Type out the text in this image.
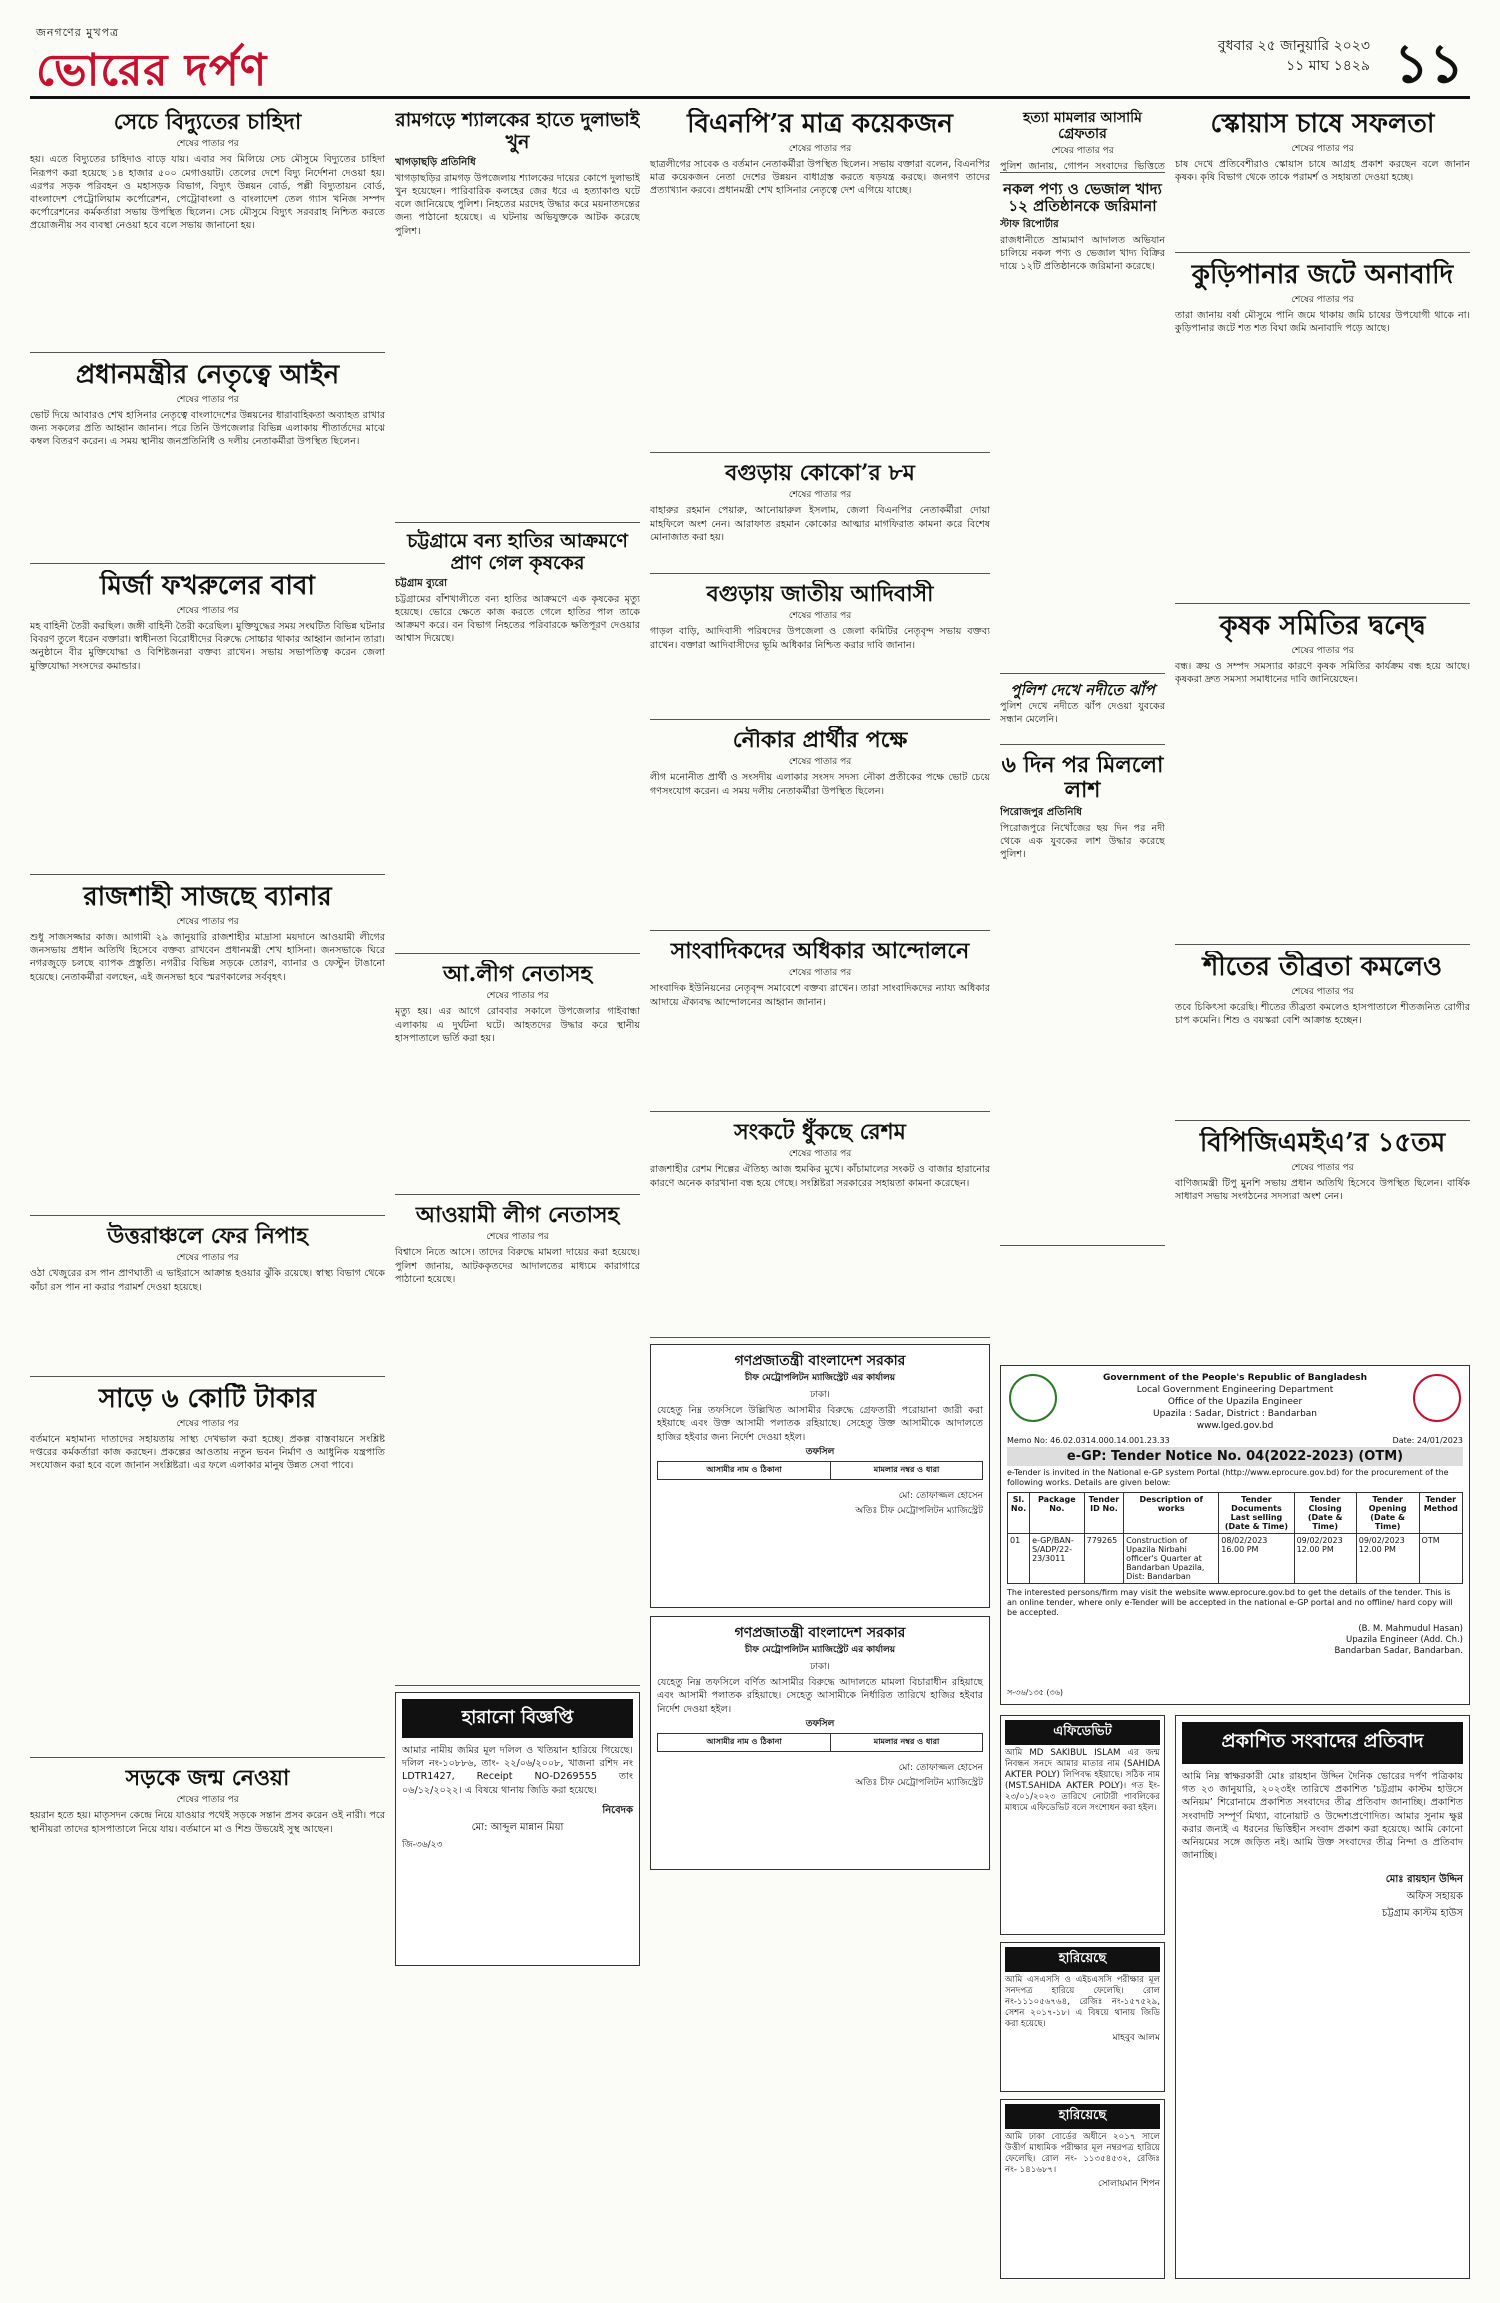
জনগণের মুখপত্র
ভোরের দর্পণ	বুধবার ২৫ জানুয়ারি ২০২৩
১১ মাঘ ১৪২৯ ১১
সেচে বিদ্যুতের চাহিদা
শেষের পাতার পর

হয়। এতে বিদ্যুতের চাহিদাও বাড়ে যায়। এবার সব মিলিয়ে সেচ মৌসুমে বিদ্যুতের চাহিদা নিরূপণ করা হয়েছে ১৪ হাজার ৫০০ মেগাওয়াট। তেলের দেশে বিদ্যু নির্দেশনা দেওয়া হয়। এরপর সড়ক পরিবহন ও মহাসড়ক বিভাগ, বিদ্যুৎ উন্নয়ন বোর্ড, পল্লী বিদ্যুতায়ন বোর্ড, বাংলাদেশ পেট্রোলিয়াম কর্পোরেশন, পেট্রোবাংলা ও বাংলাদেশ তেল গ্যাস খনিজ সম্পদ কর্পোরেশনের কর্মকর্তারা সভায় উপস্থিত ছিলেন। সেচ মৌসুমে বিদ্যুৎ সরবরাহ নিশ্চিত করতে প্রয়োজনীয় সব ব্যবস্থা নেওয়া হবে বলে সভায় জানানো হয়।

প্রধানমন্ত্রীর নেতৃত্বে আইন
শেষের পাতার পর

ভোট দিয়ে আবারও শেখ হাসিনার নেতৃত্বে বাংলাদেশের উন্নয়নের ধারাবাহিকতা অব্যাহত রাখার জন্য সকলের প্রতি আহ্বান জানান। পরে তিনি উপজেলার বিভিন্ন এলাকায় শীতার্তদের মাঝে কম্বল বিতরণ করেন। এ সময় স্থানীয় জনপ্রতিনিধি ও দলীয় নেতাকর্মীরা উপস্থিত ছিলেন।

মির্জা ফখরুলের বাবা
শেষের পাতার পর

মহ বাহিনী তৈরী করছিল। জঙ্গী বাহিনী তৈরী করেছিল। মুক্তিযুদ্ধের সময় সংঘটিত বিভিন্ন ঘটনার বিবরণ তুলে ধরেন বক্তারা। স্বাধীনতা বিরোধীদের বিরুদ্ধে সোচ্চার থাকার আহ্বান জানান তারা। অনুষ্ঠানে বীর মুক্তিযোদ্ধা ও বিশিষ্টজনরা বক্তব্য রাখেন। সভায় সভাপতিত্ব করেন জেলা মুক্তিযোদ্ধা সংসদের কমান্ডার।

রাজশাহী সাজছে ব্যানার
শেষের পাতার পর

শুধু সাজসজ্জার কাজ। আগামী ২৯ জানুয়ারি রাজশাহীর মাদ্রাসা ময়দানে আওয়ামী লীগের জনসভায় প্রধান অতিথি হিসেবে বক্তব্য রাখবেন প্রধানমন্ত্রী শেখ হাসিনা। জনসভাকে ঘিরে নগরজুড়ে চলছে ব্যাপক প্রস্তুতি। নগরীর বিভিন্ন সড়কে তোরণ, ব্যানার ও ফেস্টুন টাঙানো হয়েছে। নেতাকর্মীরা বলছেন, এই জনসভা হবে স্মরণকালের সর্ববৃহৎ।

উত্তরাঞ্চলে ফের নিপাহ
শেষের পাতার পর

ওঠা খেজুরের রস পান প্রাণঘাতী এ ভাইরাসে আক্রান্ত হওয়ার ঝুঁকি রয়েছে। স্বাস্থ্য বিভাগ থেকে কাঁচা রস পান না করার পরামর্শ দেওয়া হয়েছে।

সাড়ে ৬ কোটি টাকার
শেষের পাতার পর

বর্তমানে মহামান্য দাতাদের সহায়তায় সাস্থ্য দেখভাল করা হচ্ছে। প্রকল্প বাস্তবায়নে সংশ্লিষ্ট দপ্তরের কর্মকর্তারা কাজ করছেন। প্রকল্পের আওতায় নতুন ভবন নির্মাণ ও আধুনিক যন্ত্রপাতি সংযোজন করা হবে বলে জানান সংশ্লিষ্টরা। এর ফলে এলাকার মানুষ উন্নত সেবা পাবে।

সড়কে জন্ম নেওয়া
শেষের পাতার পর

হয়রান হতে হয়। মাতৃসদন কেন্দ্রে নিয়ে যাওয়ার পথেই সড়কে সন্তান প্রসব করেন ওই নারী। পরে স্থানীয়রা তাদের হাসপাতালে নিয়ে যায়। বর্তমানে মা ও শিশু উভয়েই সুস্থ আছেন।

রামগড়ে শ্যালকের হাতে দুলাভাই খুন
খাগড়াছড়ি প্রতিনিধি

খাগড়াছড়ির রামগড় উপজেলায় শ্যালকের দায়ের কোপে দুলাভাই খুন হয়েছেন। পারিবারিক কলহের জের ধরে এ হত্যাকাণ্ড ঘটে বলে জানিয়েছে পুলিশ। নিহতের মরদেহ উদ্ধার করে ময়নাতদন্তের জন্য পাঠানো হয়েছে। এ ঘটনায় অভিযুক্তকে আটক করেছে পুলিশ।

চট্টগ্রামে বন্য হাতির আক্রমণে প্রাণ গেল কৃষকের
চট্টগ্রাম ব্যুরো

চট্টগ্রামের বাঁশখালীতে বন্য হাতির আক্রমণে এক কৃষকের মৃত্যু হয়েছে। ভোরে ক্ষেতে কাজ করতে গেলে হাতির পাল তাকে আক্রমণ করে। বন বিভাগ নিহতের পরিবারকে ক্ষতিপূরণ দেওয়ার আশ্বাস দিয়েছে।

আ.লীগ নেতাসহ
শেষের পাতার পর

মৃত্যু হয়। এর আগে রোববার সকালে উপজেলার গাইবান্ধা এলাকায় এ দুর্ঘটনা ঘটে। আহতদের উদ্ধার করে স্থানীয় হাসপাতালে ভর্তি করা হয়।

আওয়ামী লীগ নেতাসহ
শেষের পাতার পর

বিশ্বাসে নিতে আসে। তাদের বিরুদ্ধে মামলা দায়ের করা হয়েছে। পুলিশ জানায়, আটককৃতদের আদালতের মাধ্যমে কারাগারে পাঠানো হয়েছে।

হারানো বিজ্ঞপ্তি

আমার নামীয় জমির মূল দলিল ও খতিয়ান হারিয়ে গিয়েছে। দলিল নং-১০৮৮৬, তাং- ২২/০৬/২০০৮, খাজনা রশিদ নং LDTR1427, Receipt NO-D269555 তাং ০৬/১২/২০২২। এ বিষয়ে থানায় জিডি করা হয়েছে।

নিবেদক
মো: আব্দুল মান্নান মিয়া
জি-৩৬/২৩
বিএনপি’র মাত্র কয়েকজন
শেষের পাতার পর

ছাত্রলীগের সাবেক ও বর্তমান নেতাকর্মীরা উপস্থিত ছিলেন। সভায় বক্তারা বলেন, বিএনপির মাত্র কয়েকজন নেতা দেশের উন্নয়ন বাধাগ্রস্ত করতে ষড়যন্ত্র করছে। জনগণ তাদের প্রত্যাখ্যান করবে। প্রধানমন্ত্রী শেখ হাসিনার নেতৃত্বে দেশ এগিয়ে যাচ্ছে।

বগুড়ায় কোকো’র ৮ম
শেষের পাতার পর

বাহারুর রহমান পেয়ারু, আনোয়ারুল ইসলাম, জেলা বিএনপির নেতাকর্মীরা দোয়া মাহফিলে অংশ নেন। আরাফাত রহমান কোকোর আত্মার মাগফিরাত কামনা করে বিশেষ মোনাজাত করা হয়।

বগুড়ায় জাতীয় আদিবাসী
শেষের পাতার পর

গাড়ল বাড়ি, আদিবাসী পরিষদের উপজেলা ও জেলা কমিটির নেতৃবৃন্দ সভায় বক্তব্য রাখেন। বক্তারা আদিবাসীদের ভূমি অধিকার নিশ্চিত করার দাবি জানান।

নৌকার প্রার্থীর পক্ষে
শেষের পাতার পর

লীগ মনোনীত প্রার্থী ও সংসদীয় এলাকার সংসদ সদস্য নৌকা প্রতীকের পক্ষে ভোট চেয়ে গণসংযোগ করেন। এ সময় দলীয় নেতাকর্মীরা উপস্থিত ছিলেন।

সাংবাদিকদের অধিকার আন্দোলনে
শেষের পাতার পর

সাংবাদিক ইউনিয়নের নেতৃবৃন্দ সমাবেশে বক্তব্য রাখেন। তারা সাংবাদিকদের ন্যায্য অধিকার আদায়ে ঐক্যবদ্ধ আন্দোলনের আহ্বান জানান।

সংকটে ধুঁকছে রেশম
শেষের পাতার পর

রাজশাহীর রেশম শিল্পের ঐতিহ্য আজ হুমকির মুখে। কাঁচামালের সংকট ও বাজার হারানোর কারণে অনেক কারখানা বন্ধ হয়ে গেছে। সংশ্লিষ্টরা সরকারের সহায়তা কামনা করেছেন।

গণপ্রজাতন্ত্রী বাংলাদেশ সরকার
চীফ মেট্রোপলিটন ম্যাজিস্ট্রেট এর কার্যালয়
ঢাকা।

যেহেতু নিম্ন তফসিলে উল্লিখিত আসামীর বিরুদ্ধে গ্রেফতারী পরোয়ানা জারী করা হইয়াছে এবং উক্ত আসামী পলাতক রহিয়াছে। সেহেতু উক্ত আসামীকে আদালতে হাজির হইবার জন্য নির্দেশ দেওয়া হইল।

তফসিল
আসামীর নাম ও ঠিকানা	মামলার নম্বর ও ধারা
মো: তোফাজ্জল হোসেন
অতিঃ চীফ মেট্রোপলিটন ম্যাজিস্ট্রেট
গণপ্রজাতন্ত্রী বাংলাদেশ সরকার
চীফ মেট্রোপলিটন ম্যাজিস্ট্রেট এর কার্যালয়
ঢাকা।

যেহেতু নিম্ন তফসিলে বর্ণিত আসামীর বিরুদ্ধে আদালতে মামলা বিচারাধীন রহিয়াছে এবং আসামী পলাতক রহিয়াছে। সেহেতু আসামীকে নির্ধারিত তারিখে হাজির হইবার নির্দেশ দেওয়া হইল।

তফসিল
আসামীর নাম ও ঠিকানা	মামলার নম্বর ও ধারা
মো: তোফাজ্জল হোসেন
অতিঃ চীফ মেট্রোপলিটন ম্যাজিস্ট্রেট
হত্যা মামলার আসামি গ্রেফতার
শেষের পাতার পর

পুলিশ জানায়, গোপন সংবাদের ভিত্তিতে

নকল পণ্য ও ভেজাল খাদ্য ১২ প্রতিষ্ঠানকে জরিমানা
স্টাফ রিপোর্টার

রাজধানীতে ভ্রাম্যমাণ আদালত অভিযান চালিয়ে নকল পণ্য ও ভেজাল খাদ্য বিক্রির দায়ে ১২টি প্রতিষ্ঠানকে জরিমানা করেছে।

পুলিশ দেখে নদীতে ঝাঁপ

পুলিশ দেখে নদীতে ঝাঁপ দেওয়া যুবকের সন্ধান মেলেনি।

৬ দিন পর মিললো লাশ
পিরোজপুর প্রতিনিধি

পিরোজপুরে নিখোঁজের ছয় দিন পর নদী থেকে এক যুবকের লাশ উদ্ধার করেছে পুলিশ।

স্কোয়াস চাষে সফলতা
শেষের পাতার পর

চাষ দেখে প্রতিবেশীরাও স্কোয়াস চাষে আগ্রহ প্রকাশ করছেন বলে জানান কৃষক। কৃষি বিভাগ থেকে তাকে পরামর্শ ও সহায়তা দেওয়া হচ্ছে।

কুড়িপানার জটে অনাবাদি
শেষের পাতার পর

তারা জানায় বর্ষা মৌসুমে পানি জমে থাকায় জমি চাষের উপযোগী থাকে না। কুড়িপানার জটে শত শত বিঘা জমি অনাবাদি পড়ে আছে।

কৃষক সমিতির দ্বন্দ্বে
শেষের পাতার পর

বন্ধ। ক্রয় ও সম্পদ সমস্যার কারণে কৃষক সমিতির কার্যক্রম বন্ধ হয়ে আছে। কৃষকরা দ্রুত সমস্যা সমাধানের দাবি জানিয়েছেন।

শীতের তীব্রতা কমলেও
শেষের পাতার পর

তবে চিকিৎসা করেছি। শীতের তীব্রতা কমলেও হাসপাতালে শীতজনিত রোগীর চাপ কমেনি। শিশু ও বয়স্করা বেশি আক্রান্ত হচ্ছেন।

বিপিজিএমইএ’র ১৫তম
শেষের পাতার পর

বাণিজ্যমন্ত্রী টিপু মুনশি সভায় প্রধান অতিথি হিসেবে উপস্থিত ছিলেন। বার্ষিক সাধারণ সভায় সংগঠনের সদস্যরা অংশ নেন।

Government of the People's Republic of Bangladesh
Local Government Engineering Department
Office of the Upazila Engineer
Upazila : Sadar, District : Bandarban
www.lged.gov.bd
Memo No: 46.02.0314.000.14.001.23.33	Date: 24/01/2023
e-GP: Tender Notice No. 04(2022-2023) (OTM)
e-Tender is invited in the National e-GP system Portal (http://www.eprocure.gov.bd) for the procurement of the following works. Details are given below:
Sl. No.	Package No.	Tender ID No.	Description of works	Tender Documents Last selling (Date & Time)	Tender Closing (Date & Time)	Tender Opening (Date & Time)	Tender Method
01	e-GP/BAN-S/ADP/22-23/3011	779265	Construction of Upazila Nirbahi officer's Quarter at Bandarban Upazila, Dist: Bandarban	08/02/2023 16.00 PM	09/02/2023 12.00 PM	09/02/2023 12.00 PM	OTM
The interested persons/firm may visit the website www.eprocure.gov.bd to get the details of the tender. This is an online tender, where only e-Tender will be accepted in the national e-GP portal and no offline/ hard copy will be accepted.
(B. M. Mahmudul Hasan)
Upazila Engineer (Add. Ch.)
Bandarban Sadar, Bandarban.
স-৩৬/১৩৫ (৩৬)
এফিডেভিট

আমি MD SAKIBUL ISLAM এর জন্ম নিবন্ধন সনদে আমার মাতার নাম (SAHIDA AKTER POLY) লিপিবদ্ধ হইয়াছে। সঠিক নাম (MST.SAHIDA AKTER POLY)। গত ইং- ২৩/০১/২০২৩ তারিখে নোটারী পাবলিকের মাধ্যমে এফিডেভিট বলে সংশোধন করা হইল।

হারিয়েছে

আমি এসএসসি ও এইচএসসি পরীক্ষার মূল সনদপত্র হারিয়ে ফেলেছি। রোল নং-১১১০৫৬৭৬৪, রেজিঃ নং-১৫৭৫২৯, সেশন ২০১৭-১৮। এ বিষয়ে থানায় জিডি করা হয়েছে।

মাহবুব আলম
হারিয়েছে

আমি ঢাকা বোর্ডের অধীনে ২০১৭ সালে উত্তীর্ণ মাধ্যমিক পরীক্ষার মূল নম্বরপত্র হারিয়ে ফেলেছি। রোল নং- ১১৩৫৪৫৩২, রেজিঃ নং- ১৪১৬৮৭।

সোলায়মান শিপন
প্রকাশিত সংবাদের প্রতিবাদ

আমি নিম্ন স্বাক্ষরকারী মোঃ রায়হান উদ্দিন দৈনিক ভোরের দর্পণ পত্রিকায় গত ২৩ জানুয়ারি, ২০২৩ইং তারিখে প্রকাশিত ‘চট্টগ্রাম কাস্টম হাউসে অনিয়ম’ শিরোনামে প্রকাশিত সংবাদের তীব্র প্রতিবাদ জানাচ্ছি। প্রকাশিত সংবাদটি সম্পূর্ণ মিথ্যা, বানোয়াট ও উদ্দেশ্যপ্রণোদিত। আমার সুনাম ক্ষুণ্ণ করার জন্যই এ ধরনের ভিত্তিহীন সংবাদ প্রকাশ করা হয়েছে। আমি কোনো অনিয়মের সঙ্গে জড়িত নই। আমি উক্ত সংবাদের তীব্র নিন্দা ও প্রতিবাদ জানাচ্ছি।

মোঃ রায়হান উদ্দিন
অফিস সহায়ক
চট্টগ্রাম কাস্টম হাউস
